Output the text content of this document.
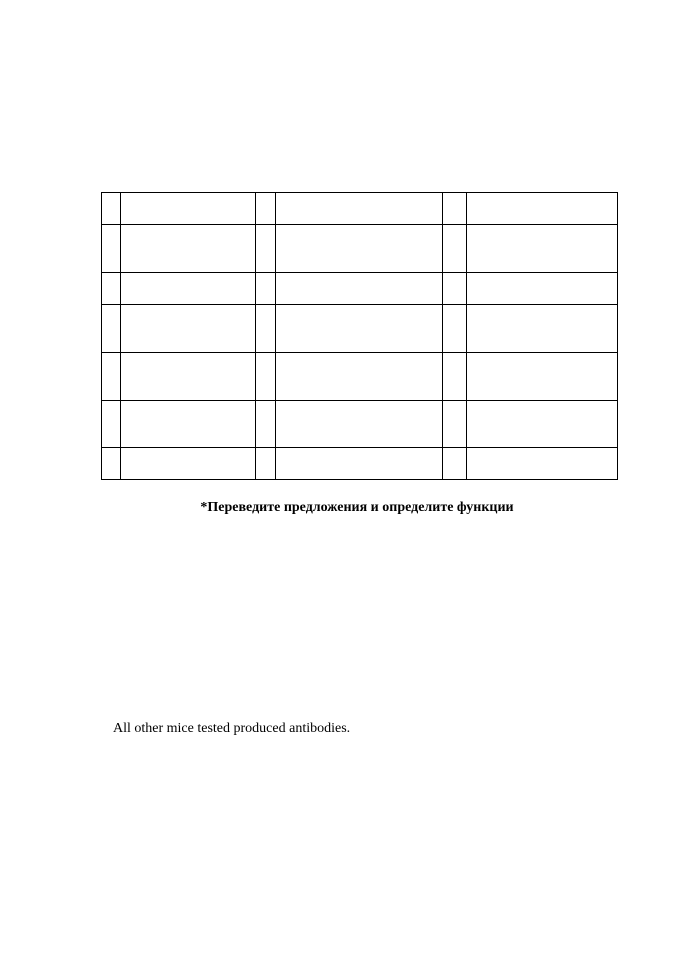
*Переведите предложения и определите функции
All other mice tested produced antibodies.
